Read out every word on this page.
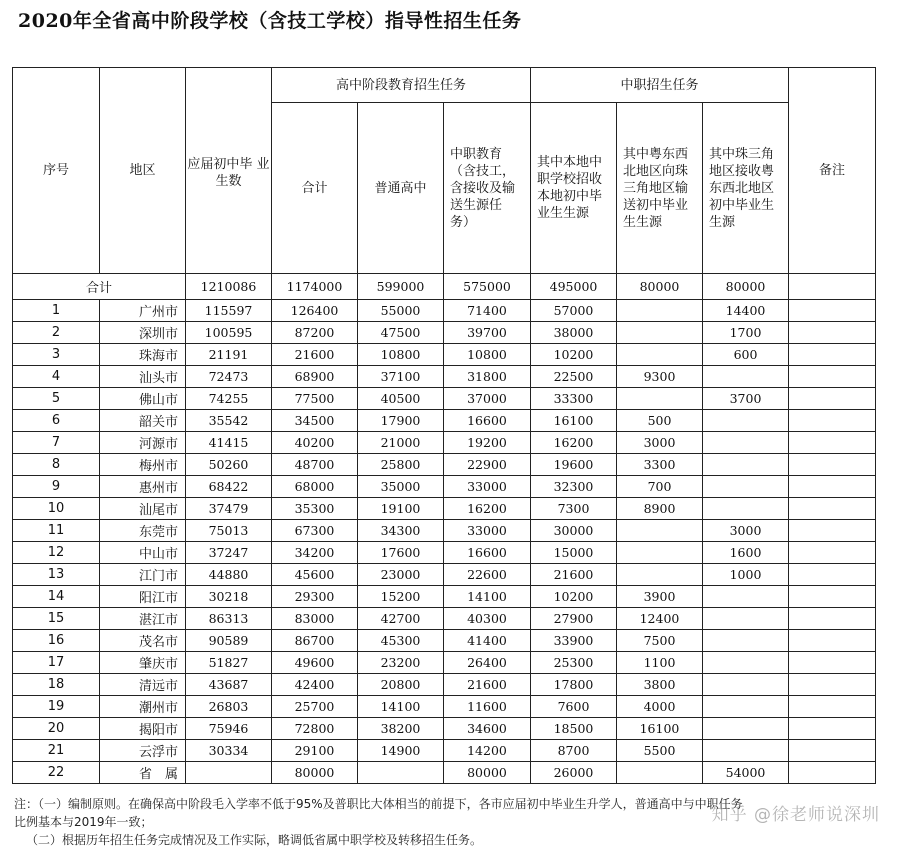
2020年全省高中阶段学校（含技工学校）指导性招生任务
序号	地区	应届初中毕 业生数	高中阶段教育招生任务			中职招生任务			备注
			合计	普通高中	中职教育
（含技工，
含接收及输
送生源任
务）	其中本地中
职学校招收
本地初中毕
业生生源	其中粤东西
北地区向珠
三角地区输
送初中毕业
生生源	其中珠三角
地区接收粤
东西北地区
初中毕业生
生源	
合计		1210086	1174000	599000	575000	495000	80000	80000	
1	广州市	115597	126400	55000	71400	57000		14400	
2	深圳市	100595	87200	47500	39700	38000		1700	
3	珠海市	21191	21600	10800	10800	10200		600	
4	汕头市	72473	68900	37100	31800	22500	9300		
5	佛山市	74255	77500	40500	37000	33300		3700	
6	韶关市	35542	34500	17900	16600	16100	500		
7	河源市	41415	40200	21000	19200	16200	3000		
8	梅州市	50260	48700	25800	22900	19600	3300		
9	惠州市	68422	68000	35000	33000	32300	700		
10	汕尾市	37479	35300	19100	16200	7300	8900		
11	东莞市	75013	67300	34300	33000	30000		3000	
12	中山市	37247	34200	17600	16600	15000		1600	
13	江门市	44880	45600	23000	22600	21600		1000	
14	阳江市	30218	29300	15200	14100	10200	3900		
15	湛江市	86313	83000	42700	40300	27900	12400		
16	茂名市	90589	86700	45300	41400	33900	7500		
17	肇庆市	51827	49600	23200	26400	25300	1100		
18	清远市	43687	42400	20800	21600	17800	3800		
19	潮州市	26803	25700	14100	11600	7600	4000		
20	揭阳市	75946	72800	38200	34600	18500	16100		
21	云浮市	30334	29100	14900	14200	8700	5500		
22	省　属		80000		80000	26000		54000	
注：（一）编制原则。在确保高中阶段毛入学率不低于95%及普职比大体相当的前提下，各市应届初中毕业生升学人，普通高中与中职任务
比例基本与2019年一致；
（二）根据历年招生任务完成情况及工作实际，略调低省属中职学校及转移招生任务。
知乎 @徐老师说深圳
